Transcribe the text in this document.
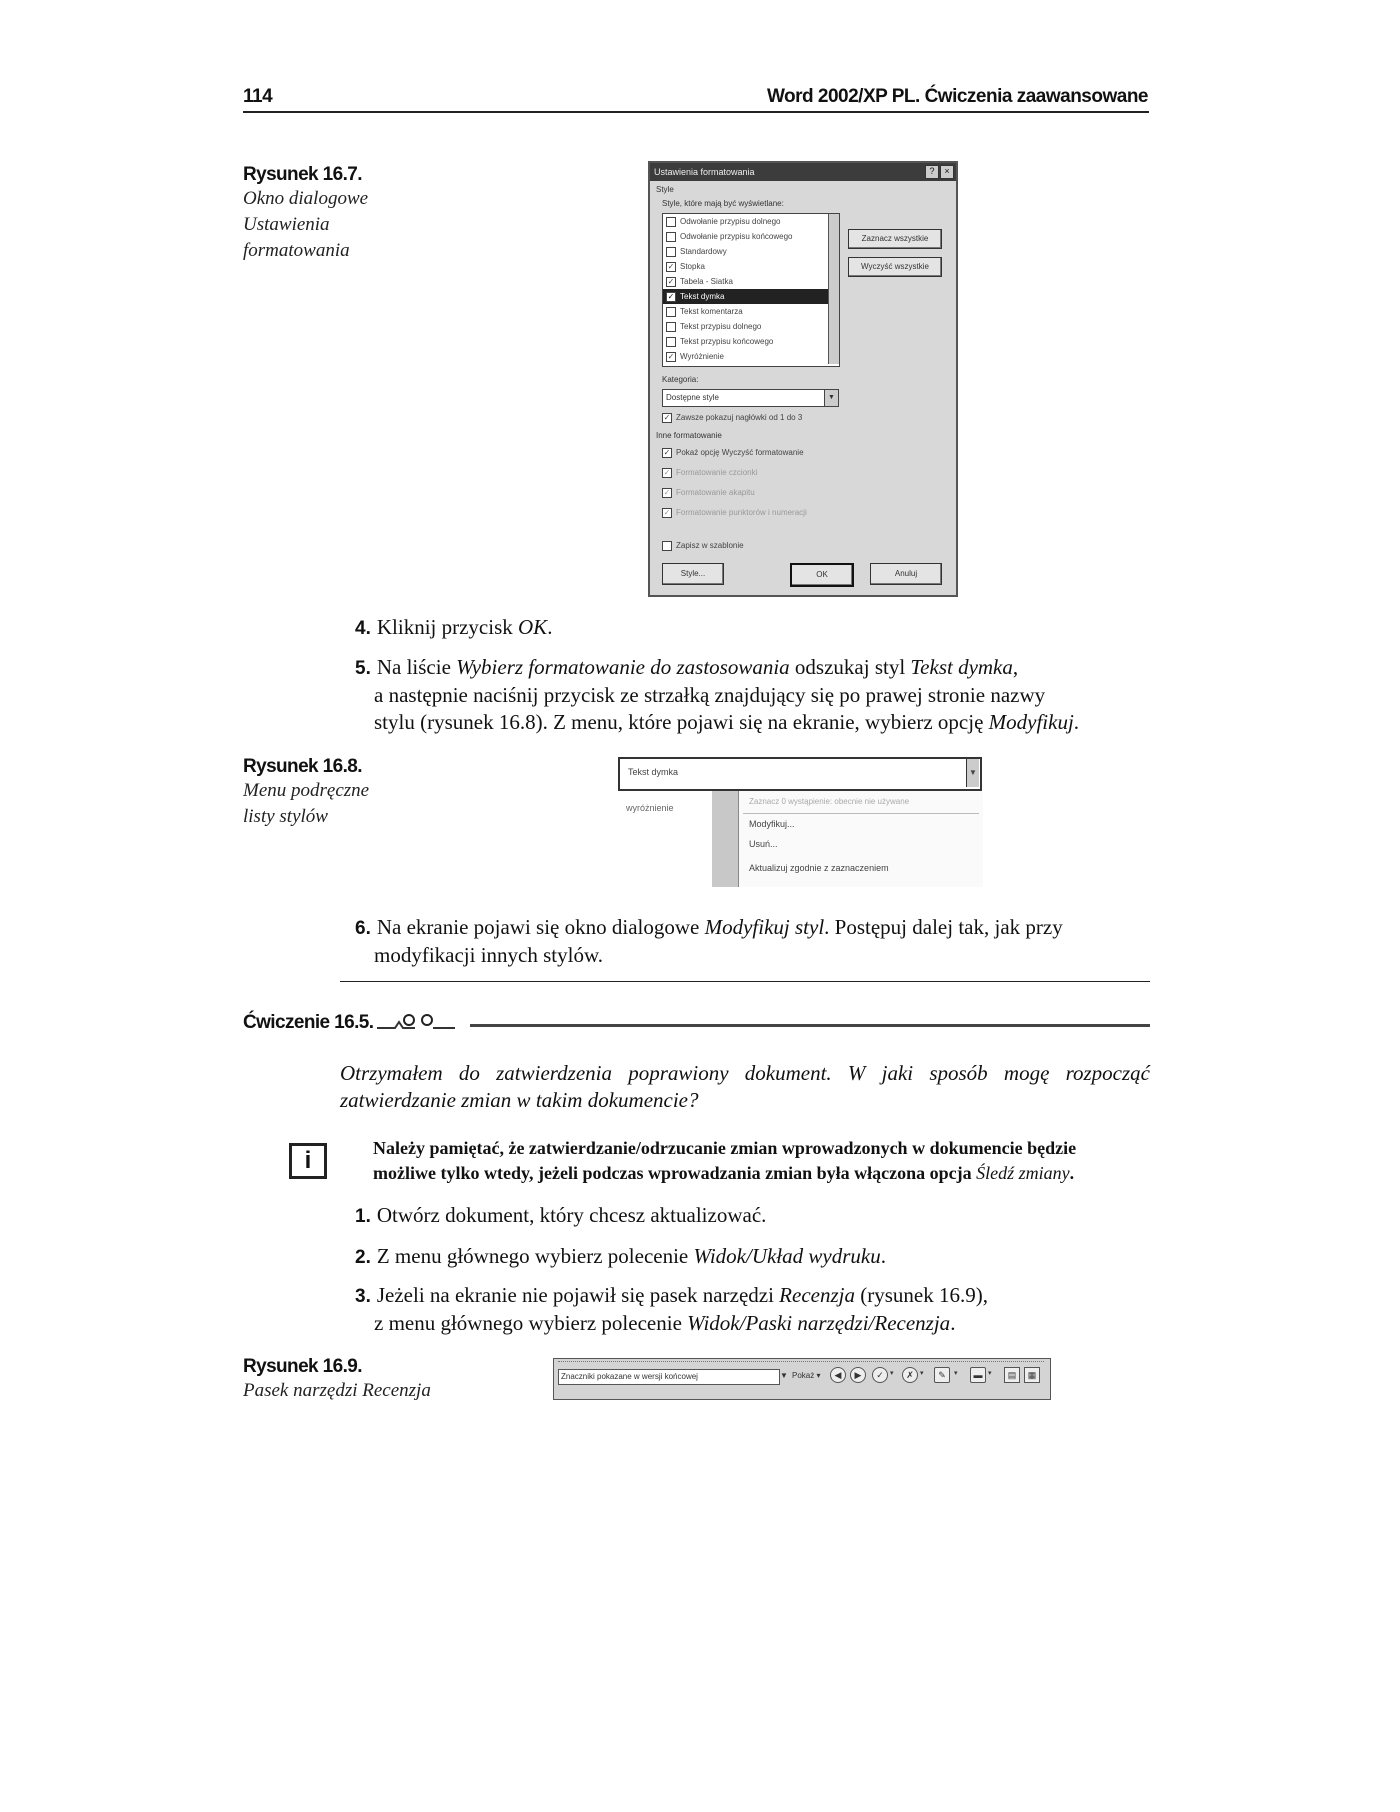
114	Word 2002/XP PL. Ćwiczenia zaawansowane
Rysunek 16.7.
Okno dialogowe
Ustawienia
formatowania
Ustawienia formatowania	?	×
Style
Style, które mają być wyświetlane:
Odwołanie przypisu dolnego
Odwołanie przypisu końcowego
Standardowy
✓ Stopka
✓ Tabela - Siatka
✓ Tekst dymka
Tekst komentarza
Tekst przypisu dolnego
Tekst przypisu końcowego
✓ Wyróżnienie
Zaznacz wszystkie
Wyczyść wszystkie
Kategoria:
Dostępne style	▼
✓ Zawsze pokazuj nagłówki od 1 do 3
Inne formatowanie
✓ Pokaż opcję Wyczyść formatowanie
✓ Formatowanie czcionki
✓ Formatowanie akapitu
✓ Formatowanie punktorów i numeracji
Zapisz w szablonie
Style...	OK	Anuluj
4. Kliknij przycisk OK.
5. Na liście Wybierz formatowanie do zastosowania odszukaj styl Tekst dymka,
a następnie naciśnij przycisk ze strzałką znajdujący się po prawej stronie nazwy
stylu (rysunek 16.8). Z menu, które pojawi się na ekranie, wybierz opcję Modyfikuj.
Rysunek 16.8.
Menu podręczne
listy stylów
Tekst dymka	▼
wyróżnienie
Zaznacz 0 wystąpienie: obecnie nie używane
Modyfikuj...
Usuń...
Aktualizuj zgodnie z zaznaczeniem
6. Na ekranie pojawi się okno dialogowe Modyfikuj styl. Postępuj dalej tak, jak przy
modyfikacji innych stylów.
Ćwiczenie 16.5.
Otrzymałem do zatwierdzenia poprawiony dokument. W jaki sposób mogę rozpocząć
zatwierdzanie zmian w takim dokumencie?
i	Należy pamiętać, że zatwierdzanie/odrzucanie zmian wprowadzonych w dokumencie będzie
możliwe tylko wtedy, jeżeli podczas wprowadzania zmian była włączona opcja Śledź zmiany.
1. Otwórz dokument, który chcesz aktualizować.
2. Z menu głównego wybierz polecenie Widok/Układ wydruku.
3. Jeżeli na ekranie nie pojawił się pasek narzędzi Recenzja (rysunek 16.9),
z menu głównego wybierz polecenie Widok/Paski narzędzi/Recenzja.
Rysunek 16.9.
Pasek narzędzi Recenzja
Znaczniki pokazane w wersji końcowej	▼ Pokaż ▾	◀	▶	✓ ▾	✗ ▾	✎	▾	▬ ▾	▤	▦
